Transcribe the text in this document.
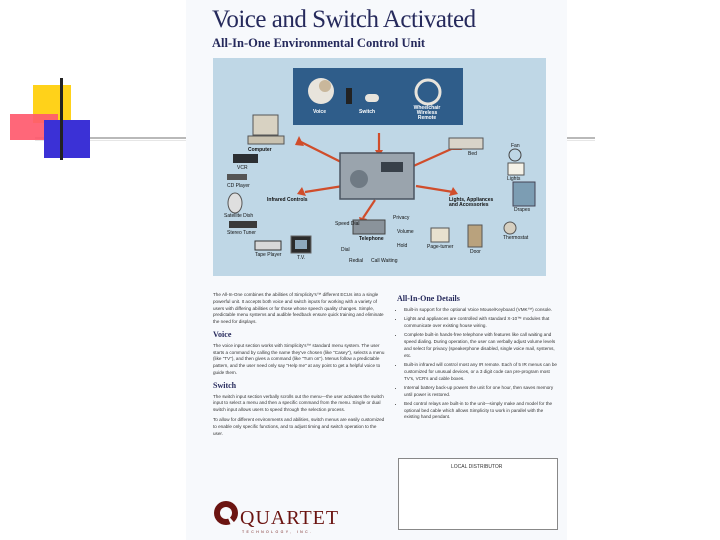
Voice and Switch Activated
All-In-One Environmental Control Unit
Voice	Switch
Wheelchair Wireless Remote
Computer
VCR
CD Player
Satellite Dish
Stereo Tuner
Tape Player	T.V.
Infrared Controls
Bed
Fan
Lights
Drapes
Thermostat
Door
Page-turner
Lights, Appliances and Accessories
Telephone
Speed Dial
Dial
Redial Call Waiting
Privacy
Volume
Hold

The All-In-One combines the abilities of Simplicity's™ different ECUs into a single powerful unit. It accepts both voice and switch inputs for working with a variety of users with differing abilities or for those whose speech quality changes. Simple, predictable menu systems and audible feedback ensure quick training and eliminate the need for displays.

Voice

The voice input section works with Simplicity's™ standard menu system. The user starts a command by calling the name they've chosen (like "Casey"), selects a menu (like "TV"), and then gives a command (like "Turn on"). Menus follow a predictable pattern, and the user need only say "Help me" at any point to get a helpful voice to guide them.

Switch

The switch input section verbally scrolls out the menu—the user activates the switch input to select a menu and then a specific command from the menu. Single or dual switch input allows users to speed through the selection process.

To allow for different environments and abilities, switch menus are easily customized to enable only specific functions, and to adjust timing and switch operation to the user.

All-In-One Details
• Built-in support for the optional Voice Mouse/Keyboard (VMK™) console.
• Lights and appliances are controlled with standard X-10™ modules that communicate over existing house wiring.
• Complete built-in hands-free telephone with features like call waiting and speed dialing. During operation, the user can verbally adjust volume levels and select for privacy (speakerphone disabled, single voice mail, systems, etc.
• Built-in infrared will control most any IR remote. Each of 5 IR menus can be customized for unusual devices, or a 3 digit code can pre-program most TV's, VCR's and cable boxes.
• Internal battery back-up powers the unit for one hour, then saves memory until power is restored.
• Bed control relays are built-in to the unit—simply make and model for the optional bed cable which allows Simplicity to work in parallel with the existing hand pendant.
LOCAL DISTRIBUTOR
QUARTET
TECHNOLOGY, INC.
